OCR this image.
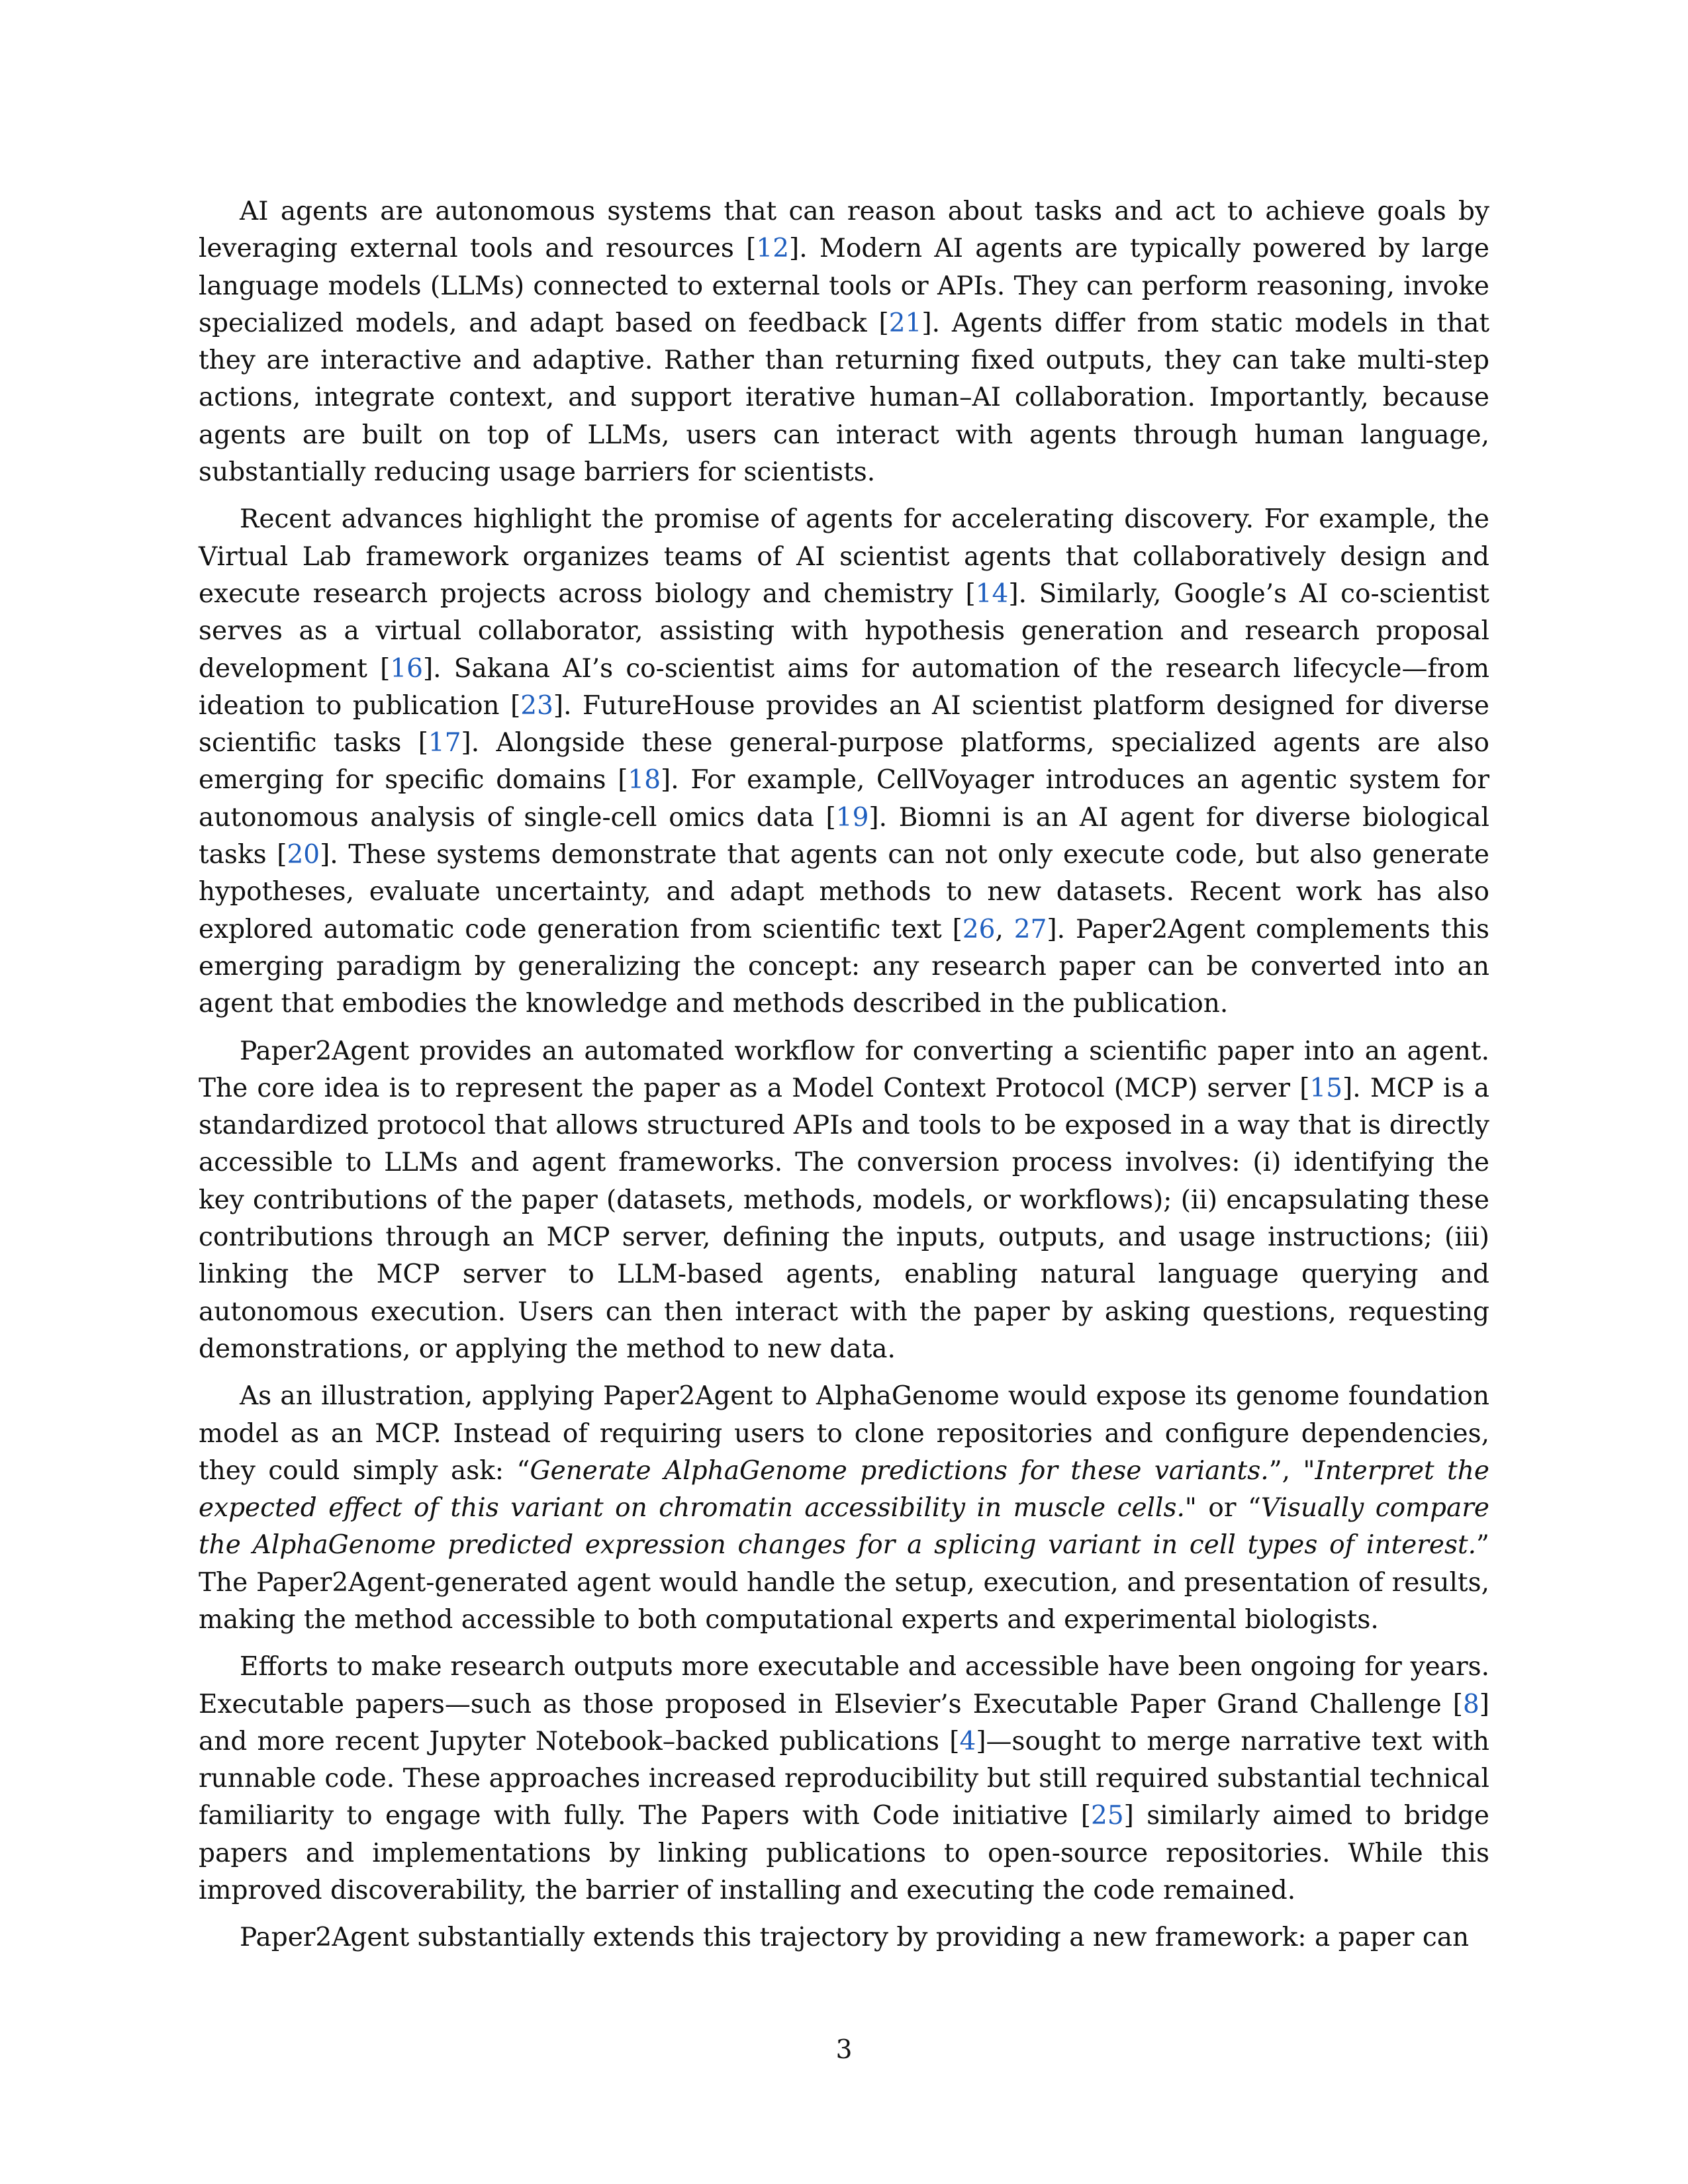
AI agents are autonomous systems that can reason about tasks and act to achieve goals by leveraging external tools and resources [12]. Modern AI agents are typically powered by large language models (LLMs) connected to external tools or APIs. They can perform reasoning, invoke specialized models, and adapt based on feedback [21]. Agents differ from static models in that they are interactive and adaptive. Rather than returning fixed outputs, they can take multi-step actions, integrate context, and support iterative human–AI collaboration. Importantly, because agents are built on top of LLMs, users can interact with agents through human language, substantially reducing usage barriers for scientists.

Recent advances highlight the promise of agents for accelerating discovery. For example, the Virtual Lab framework organizes teams of AI scientist agents that collaboratively design and execute research projects across biology and chemistry [14]. Similarly, Google’s AI co-scientist serves as a virtual collaborator, assisting with hypothesis generation and research proposal development [16]. Sakana AI’s co-scientist aims for automation of the research lifecycle—from ideation to publication [23]. FutureHouse provides an AI scientist platform designed for diverse scientific tasks [17]. Alongside these general-purpose platforms, specialized agents are also emerging for specific domains [18]. For example, CellVoyager introduces an agentic system for autonomous analysis of single-cell omics data [19]. Biomni is an AI agent for diverse biological tasks [20]. These systems demonstrate that agents can not only execute code, but also generate hypotheses, evaluate uncertainty, and adapt methods to new datasets. Recent work has also explored automatic code generation from scientific text [26, 27]. Paper2Agent complements this emerging paradigm by generalizing the concept: any research paper can be converted into an agent that embodies the knowledge and methods described in the publication.

Paper2Agent provides an automated workflow for converting a scientific paper into an agent. The core idea is to represent the paper as a Model Context Protocol (MCP) server [15]. MCP is a standardized protocol that allows structured APIs and tools to be exposed in a way that is directly accessible to LLMs and agent frameworks. The conversion process involves: (i) identifying the key contributions of the paper (datasets, methods, models, or workflows); (ii) encapsulating these contributions through an MCP server, defining the inputs, outputs, and usage instructions; (iii) linking the MCP server to LLM-based agents, enabling natural language querying and autonomous execution. Users can then interact with the paper by asking questions, requesting demonstrations, or applying the method to new data.

As an illustration, applying Paper2Agent to AlphaGenome would expose its genome foundation model as an MCP. Instead of requiring users to clone repositories and configure dependencies, they could simply ask: “Generate AlphaGenome predictions for these variants.”, "Interpret the expected effect of this variant on chromatin accessibility in muscle cells." or “Visually compare the AlphaGenome predicted expression changes for a splicing variant in cell types of interest.” The Paper2Agent-generated agent would handle the setup, execution, and presentation of results, making the method accessible to both computational experts and experimental biologists.

Efforts to make research outputs more executable and accessible have been ongoing for years. Executable papers—such as those proposed in Elsevier’s Executable Paper Grand Challenge [8] and more recent Jupyter Notebook–backed publications [4]—sought to merge narrative text with runnable code. These approaches increased reproducibility but still required substantial technical familiarity to engage with fully. The Papers with Code initiative [25] similarly aimed to bridge papers and implementations by linking publications to open-source repositories. While this improved discoverability, the barrier of installing and executing the code remained.

Paper2Agent substantially extends this trajectory by providing a new framework: a paper can

3
